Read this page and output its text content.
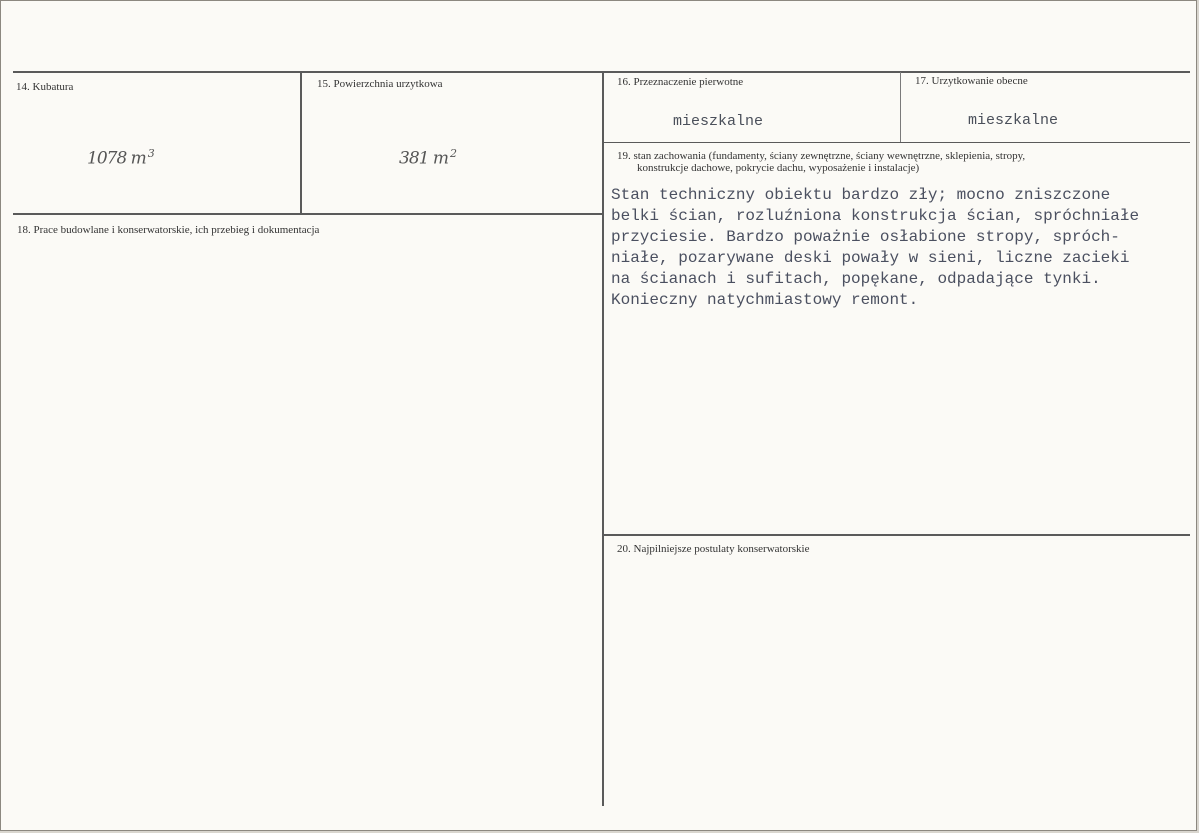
14. Kubatura
1078 m $^3$
15. Powierzchnia urzytkowa
381 m $^2$
16. Przeznaczenie pierwotne
mieszkalne
17. Urzytkowanie obecne
mieszkalne
19. stan zachowania (fundamenty, ściany zewnętrzne, ściany wewnętrzne, sklepienia, stropy,
konstrukcje dachowe, pokrycie dachu, wyposażenie i instalacje)
Stan techniczny obiektu bardzo zły; mocno zniszczone
belki ścian, rozluźniona konstrukcja ścian, spróchniałe
przyciesie. Bardzo poważnie osłabione stropy, spróch-
niałe, pozarywane deski powały w sieni, liczne zacieki
na ścianach i sufitach, popękane, odpadające tynki.
Konieczny natychmiastowy remont.
18. Prace budowlane i konserwatorskie, ich przebieg i dokumentacja
20. Najpilniejsze postulaty konserwatorskie
